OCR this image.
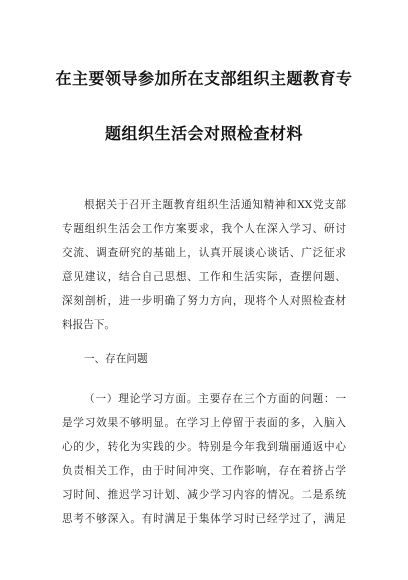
在主要领导参加所在支部组织主题教育专
题组织生活会对照检查材料
根据关于召开主题教育组织生活通知精神和XX党支部
专题组织生活会工作方案要求，我个人在深入学习、研讨
交流、调查研究的基础上，认真开展谈心谈话、广泛征求
意见建议，结合自己思想、工作和生活实际，查摆问题、
深刻剖析，进一步明确了努力方向，现将个人对照检查材
料报告下。
一、存在问题
（一）理论学习方面。主要存在三个方面的问题：一
是学习效果不够明显。在学习上停留于表面的多，入脑入
心的少，转化为实践的少。特别是今年我到瑞丽通返中心
负责相关工作，由于时间冲突、工作影响，存在着挤占学
习时间、推迟学习计划、减少学习内容的情况。二是系统
思考不够深入。有时满足于集体学习时已经学过了，满足
